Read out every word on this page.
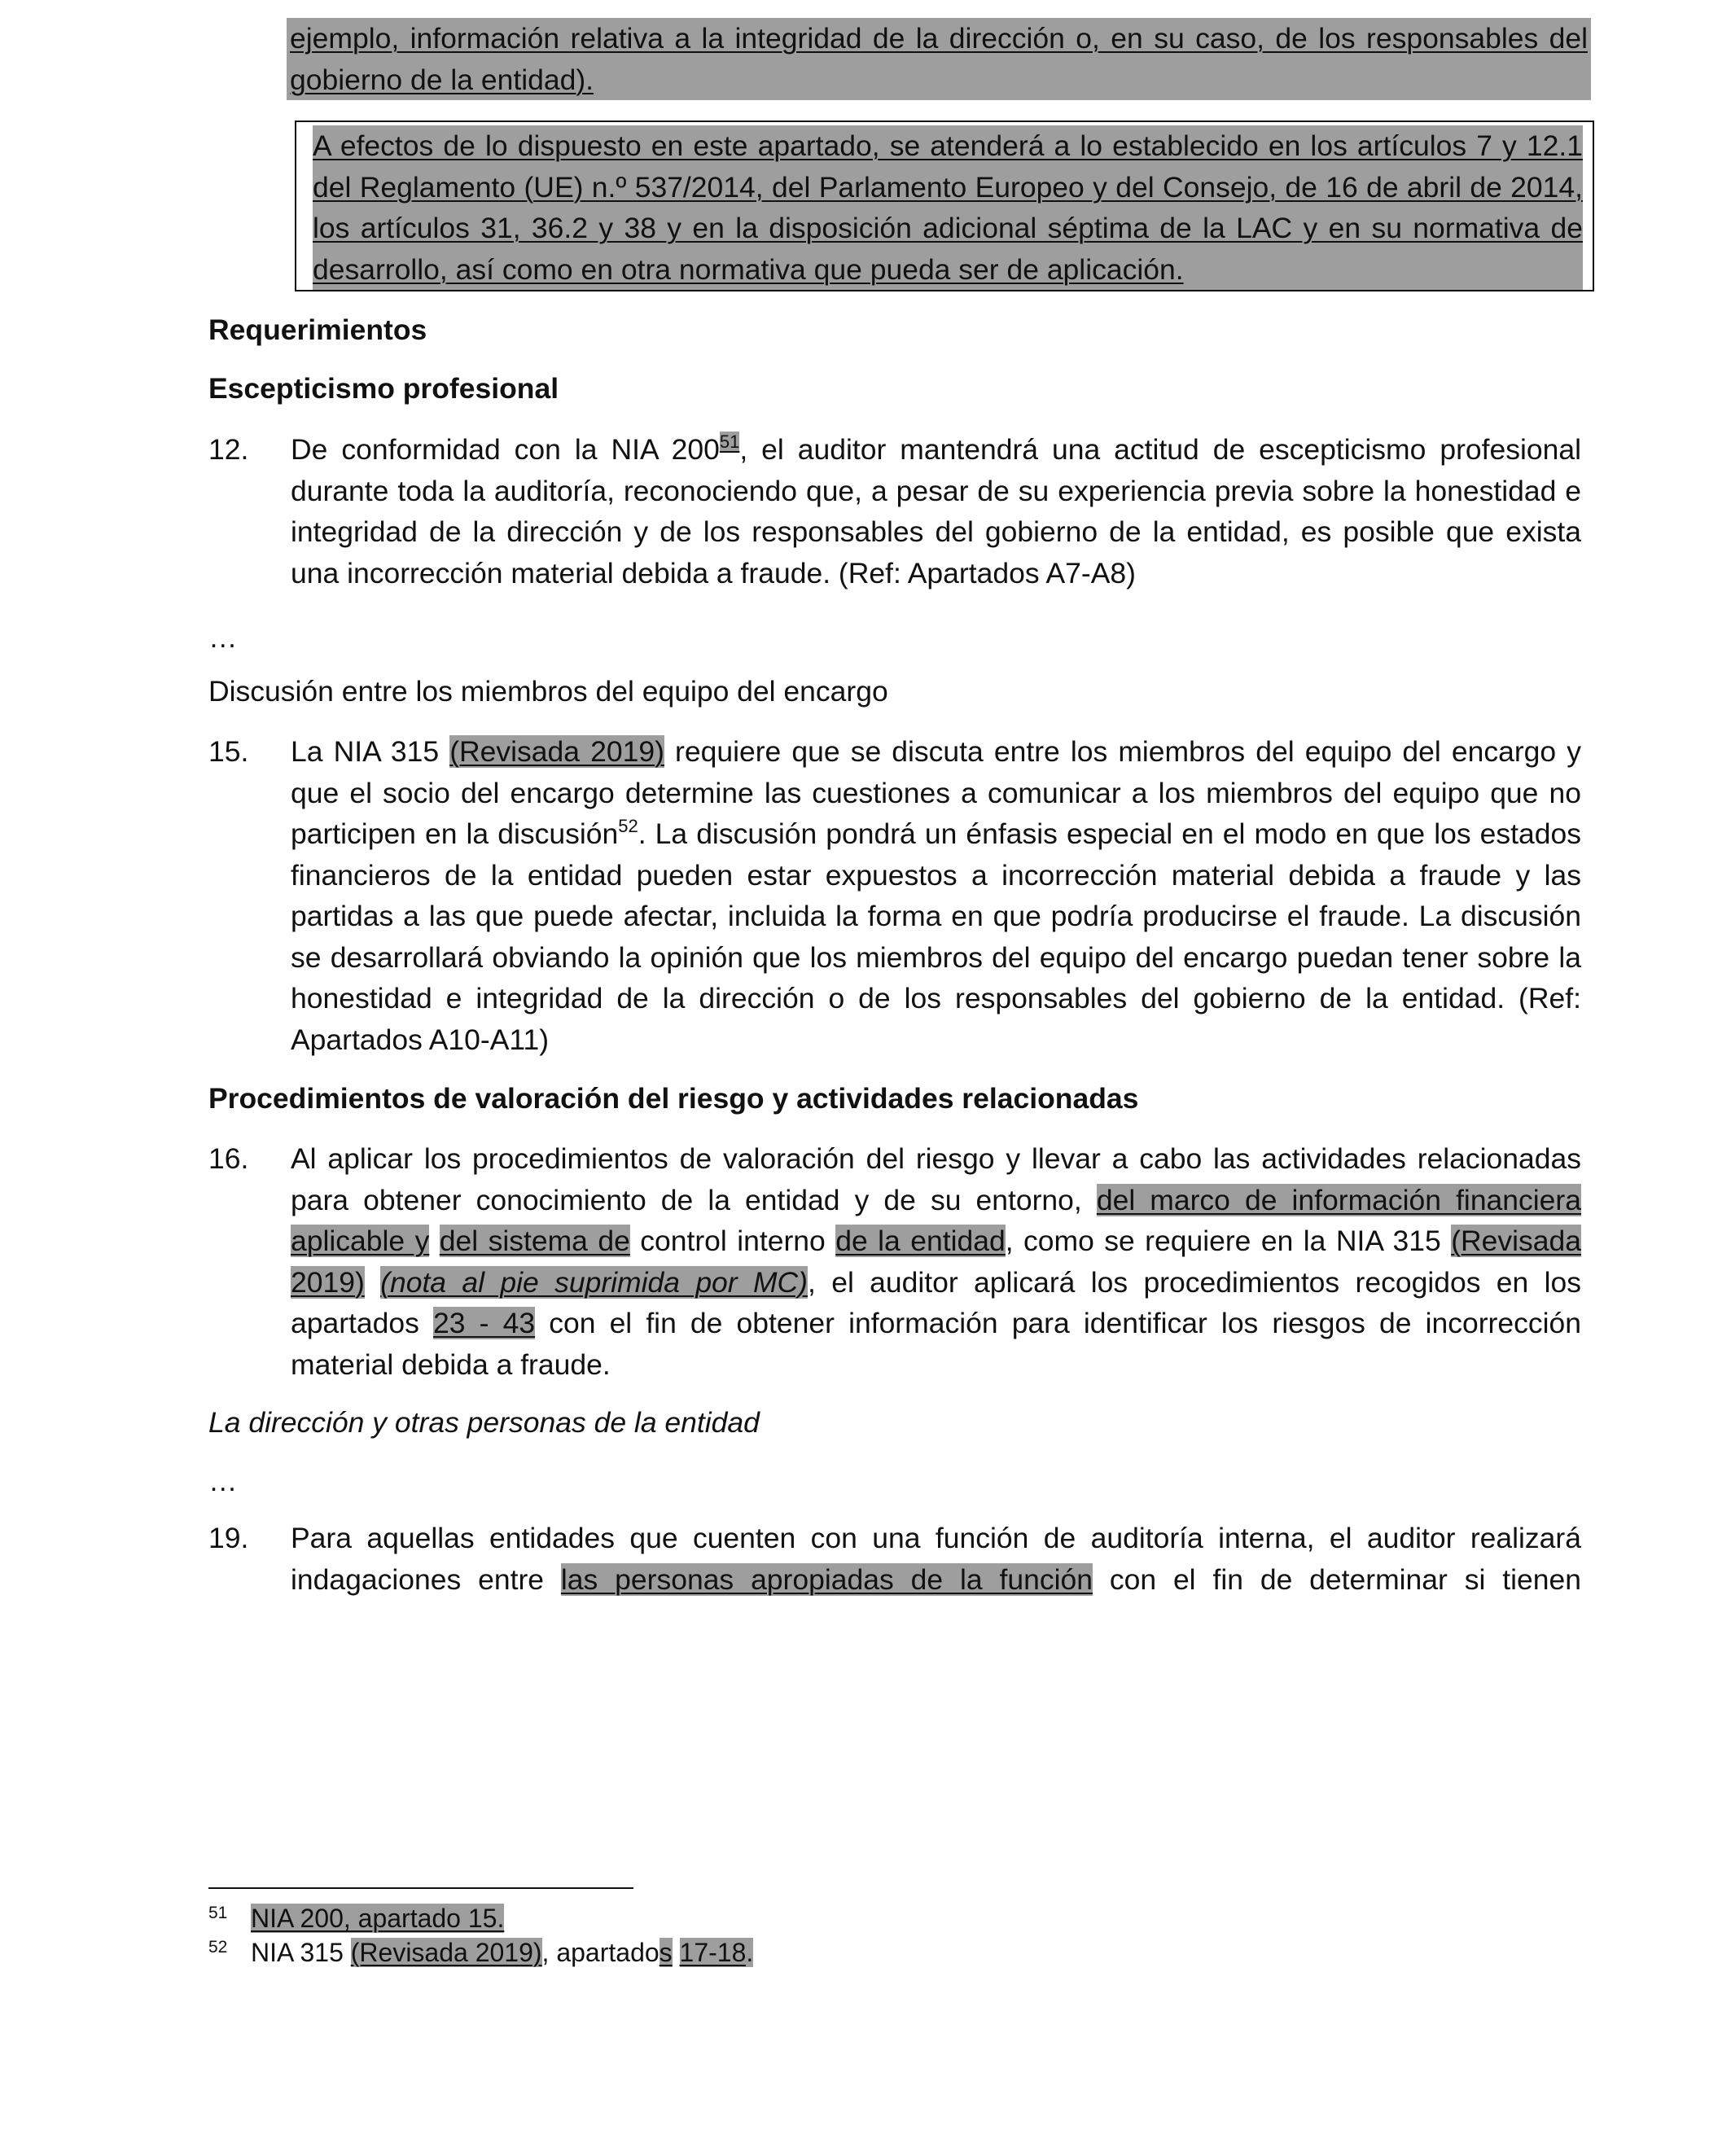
ejemplo, información relativa a la integridad de la dirección o, en su caso, de los responsables del gobierno de la entidad).
A efectos de lo dispuesto en este apartado, se atenderá a lo establecido en los artículos 7 y 12.1 del Reglamento (UE) n.º 537/2014, del Parlamento Europeo y del Consejo, de 16 de abril de 2014, los artículos 31, 36.2 y 38 y en la disposición adicional séptima de la LAC y en su normativa de desarrollo, así como en otra normativa que pueda ser de aplicación.
Requerimientos
Escepticismo profesional
12.	De conformidad con la NIA $200^{51}$, el auditor mantendrá una actitud de escepticismo profesional durante toda la auditoría, reconociendo que, a pesar de su experiencia previa sobre la honestidad e integridad de la dirección y de los responsables del gobierno de la entidad, es posible que exista una incorrección material debida a fraude. (Ref: Apartados A7-A8)
…
Discusión entre los miembros del equipo del encargo
15.	La NIA 315 (Revisada 2019) requiere que se discuta entre los miembros del equipo del encargo y que el socio del encargo determine las cuestiones a comunicar a los miembros del equipo que no participen en la discusión$^{52}$. La discusión pondrá un énfasis especial en el modo en que los estados financieros de la entidad pueden estar expuestos a incorrección material debida a fraude y las partidas a las que puede afectar, incluida la forma en que podría producirse el fraude. La discusión se desarrollará obviando la opinión que los miembros del equipo del encargo puedan tener sobre la honestidad e integridad de la dirección o de los responsables del gobierno de la entidad. (Ref: Apartados A10-A11)
Procedimientos de valoración del riesgo y actividades relacionadas
16.	Al aplicar los procedimientos de valoración del riesgo y llevar a cabo las actividades relacionadas para obtener conocimiento de la entidad y de su entorno, del marco de información financiera aplicable y del sistema de control interno de la entidad, como se requiere en la NIA 315 (Revisada 2019) (nota al pie suprimida por MC), el auditor aplicará los procedimientos recogidos en los apartados 23 - 43 con el fin de obtener información para identificar los riesgos de incorrección material debida a fraude.
La dirección y otras personas de la entidad
…
19.	Para aquellas entidades que cuenten con una función de auditoría interna, el auditor realizará indagaciones entre las personas apropiadas de la función con el fin de determinar si tienen
51 NIA 200, apartado 15.
52 NIA 315 (Revisada 2019), apartados 17-18.
